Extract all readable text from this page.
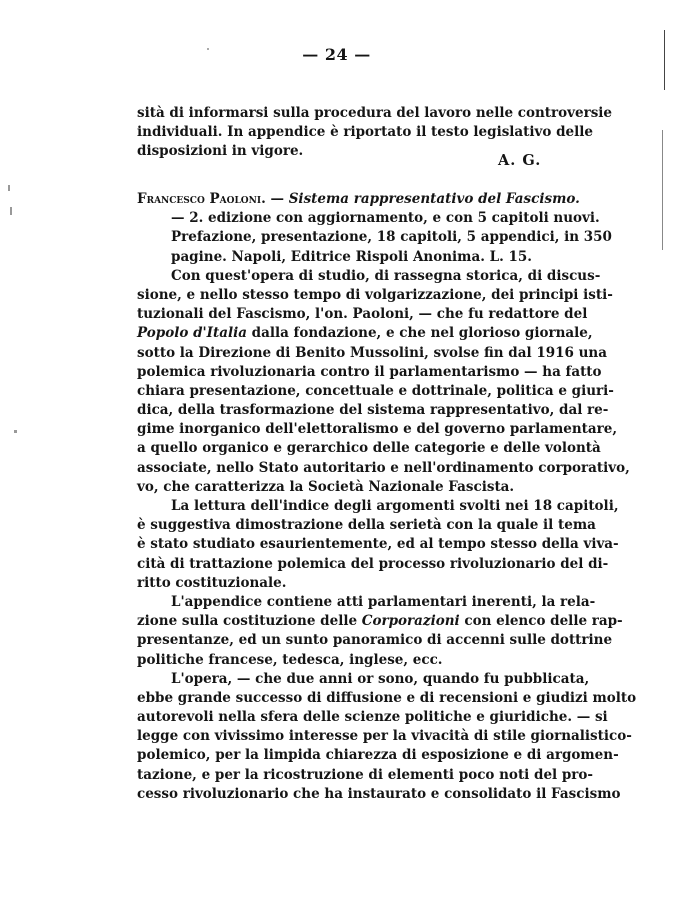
— 24 —
sità di informarsi sulla procedura del lavoro nelle controversie
individuali. In appendice è riportato il testo legislativo delle
disposizioni in vigore.
A. G.
Francesco Paoloni. — Sistema rappresentativo del Fascismo.
— 2. edizione con aggiornamento, e con 5 capitoli nuovi.
Prefazione, presentazione, 18 capitoli, 5 appendici, in 350
pagine. Napoli, Editrice Rispoli Anonima. L. 15.
Con quest'opera di studio, di rassegna storica, di discus-
sione, e nello stesso tempo di volgarizzazione, dei principi isti-
tuzionali del Fascismo, l'on. Paoloni, — che fu redattore del
Popolo d'Italia dalla fondazione, e che nel glorioso giornale,
sotto la Direzione di Benito Mussolini, svolse fin dal 1916 una
polemica rivoluzionaria contro il parlamentarismo — ha fatto
chiara presentazione, concettuale e dottrinale, politica e giuri-
dica, della trasformazione del sistema rappresentativo, dal re-
gime inorganico dell'elettoralismo e del governo parlamentare,
a quello organico e gerarchico delle categorie e delle volontà
associate, nello Stato autoritario e nell'ordinamento corporativo,
vo, che caratterizza la Società Nazionale Fascista.
La lettura dell'indice degli argomenti svolti nei 18 capitoli,
è suggestiva dimostrazione della serietà con la quale il tema
è stato studiato esaurientemente, ed al tempo stesso della viva-
cità di trattazione polemica del processo rivoluzionario del di-
ritto costituzionale.
L'appendice contiene atti parlamentari inerenti, la rela-
zione sulla costituzione delle Corporazioni con elenco delle rap-
presentanze, ed un sunto panoramico di accenni sulle dottrine
politiche francese, tedesca, inglese, ecc.
L'opera, — che due anni or sono, quando fu pubblicata,
ebbe grande successo di diffusione e di recensioni e giudizi molto
autorevoli nella sfera delle scienze politiche e giuridiche. — si
legge con vivissimo interesse per la vivacità di stile giornalistico-
polemico, per la limpida chiarezza di esposizione e di argomen-
tazione, e per la ricostruzione di elementi poco noti del pro-
cesso rivoluzionario che ha instaurato e consolidato il Fascismo
